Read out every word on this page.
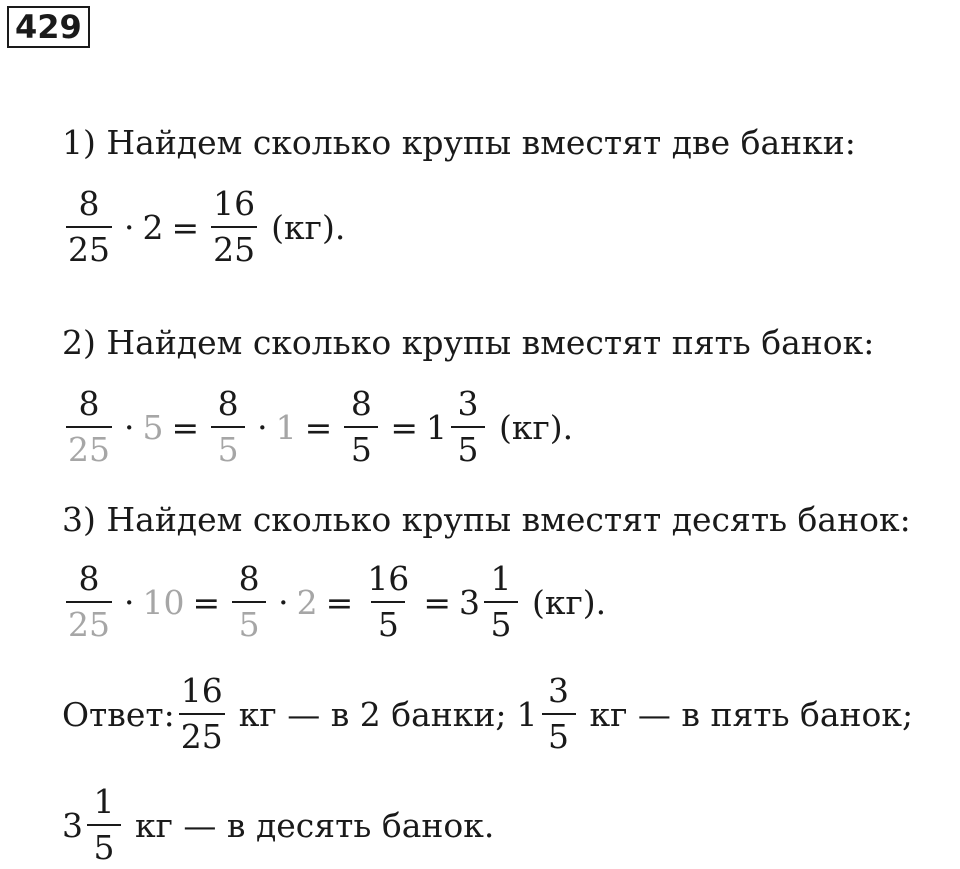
429
1) Найдем сколько крупы вместят две банки:
$\frac{8}{25} \cdot 2 = \frac{16}{25} (кг)$.
2) Найдем сколько крупы вместят пять банок:
$\frac{8}{25} \cdot 5 = \frac{8}{5} \cdot 1 = \frac{8}{5} = 1 \frac{3}{5} (кг)$.
3) Найдем сколько крупы вместят десять банок:
$\frac{8}{25} \cdot 10 = \frac{8}{5} \cdot 2 = \frac{16}{5} = 3 \frac{1}{5} (кг)$.
Ответ: $\frac{16}{25}$ кг — в 2 банки; $1 \frac{3}{5}$ кг — в пять банок;
$3 \frac{1}{5}$ кг — в десять банок.
